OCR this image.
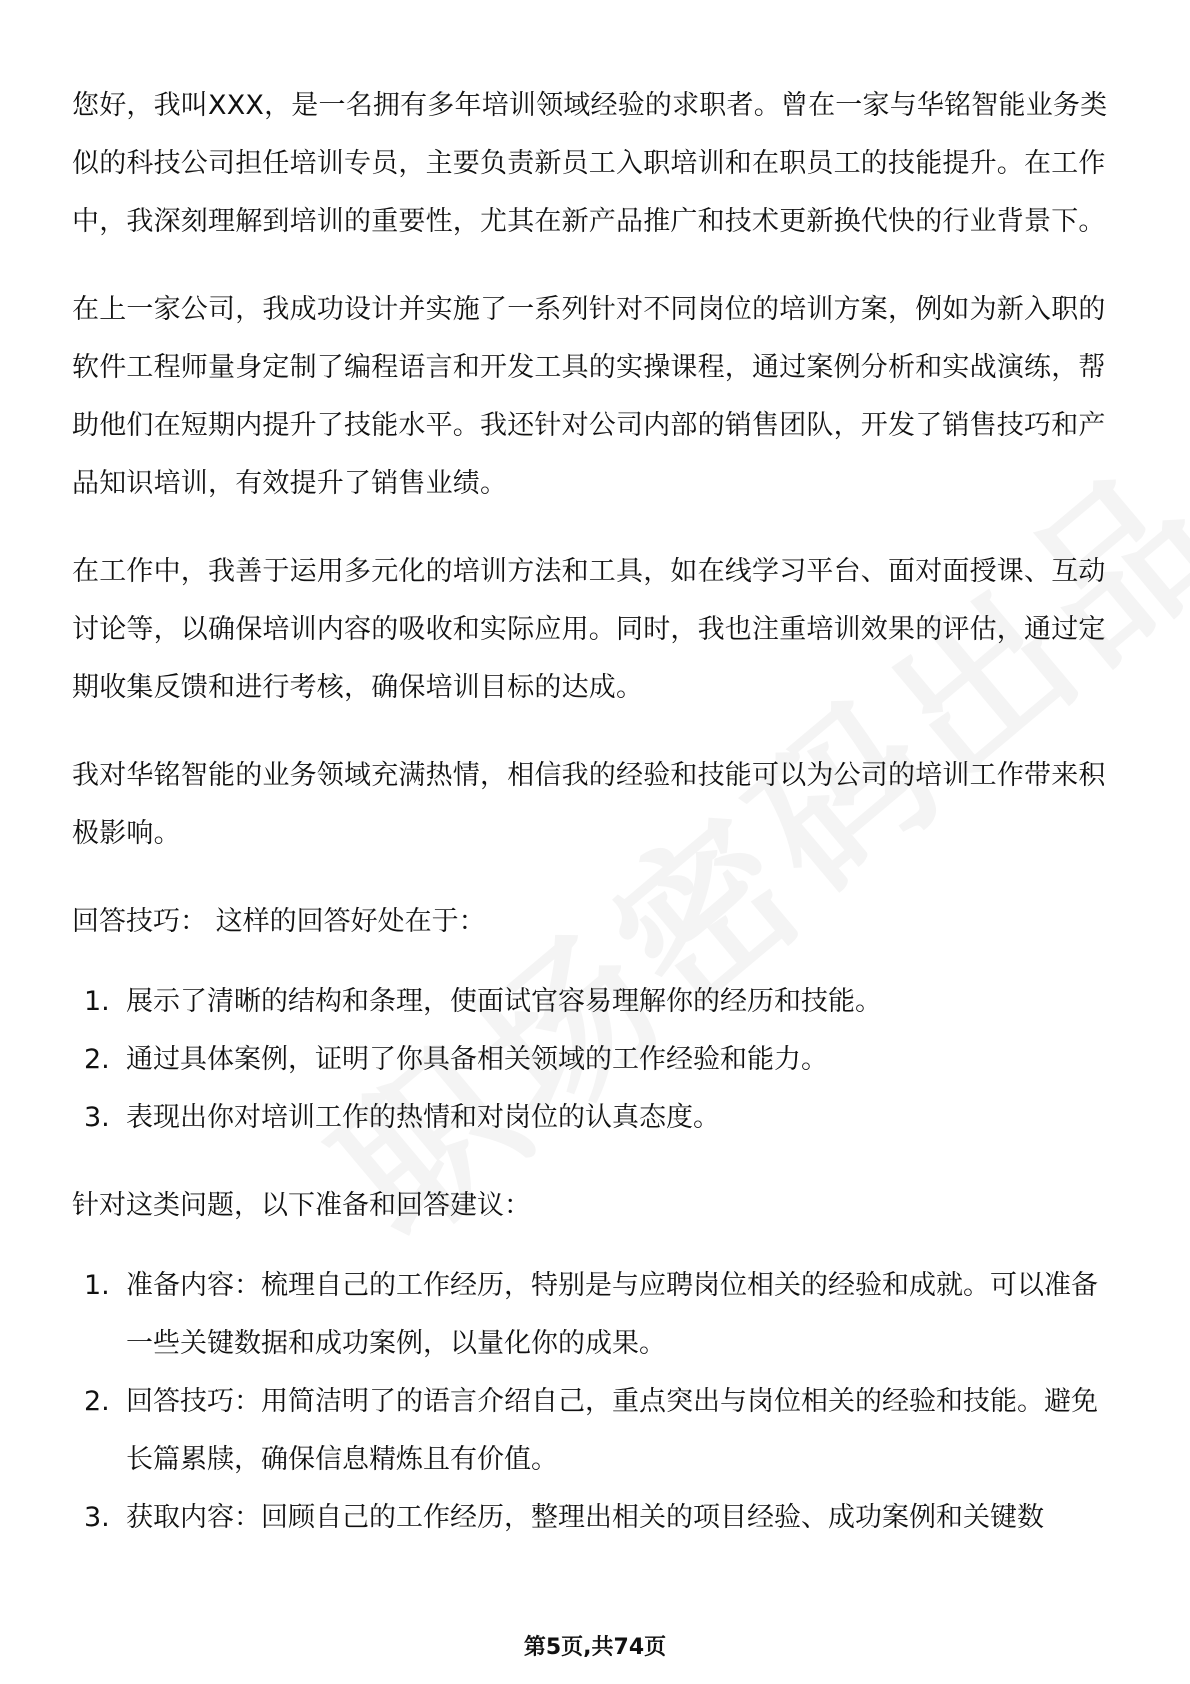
您好，我叫XXX，是一名拥有多年培训领域经验的求职者。曾在一家与华铭智能业务类似的科技公司担任培训专员，主要负责新员工入职培训和在职员工的技能提升。在工作中，我深刻理解到培训的重要性，尤其在新产品推广和技术更新换代快的行业背景下。

在上一家公司，我成功设计并实施了一系列针对不同岗位的培训方案，例如为新入职的软件工程师量身定制了编程语言和开发工具的实操课程，通过案例分析和实战演练，帮助他们在短期内提升了技能水平。我还针对公司内部的销售团队，开发了销售技巧和产品知识培训，有效提升了销售业绩。

在工作中，我善于运用多元化的培训方法和工具，如在线学习平台、面对面授课、互动讨论等，以确保培训内容的吸收和实际应用。同时，我也注重培训效果的评估，通过定期收集反馈和进行考核，确保培训目标的达成。

我对华铭智能的业务领域充满热情，相信我的经验和技能可以为公司的培训工作带来积极影响。

回答技巧： 这样的回答好处在于：

1. 展示了清晰的结构和条理，使面试官容易理解你的经历和技能。
2. 通过具体案例，证明了你具备相关领域的工作经验和能力。
3. 表现出你对培训工作的热情和对岗位的认真态度。

针对这类问题，以下准备和回答建议：

1. 准备内容：梳理自己的工作经历，特别是与应聘岗位相关的经验和成就。可以准备一些关键数据和成功案例，以量化你的成果。
2. 回答技巧：用简洁明了的语言介绍自己，重点突出与岗位相关的经验和技能。避免长篇累牍，确保信息精炼且有价值。
3. 获取内容：回顾自己的工作经历，整理出相关的项目经验、成功案例和关键数
第5页,共74页
